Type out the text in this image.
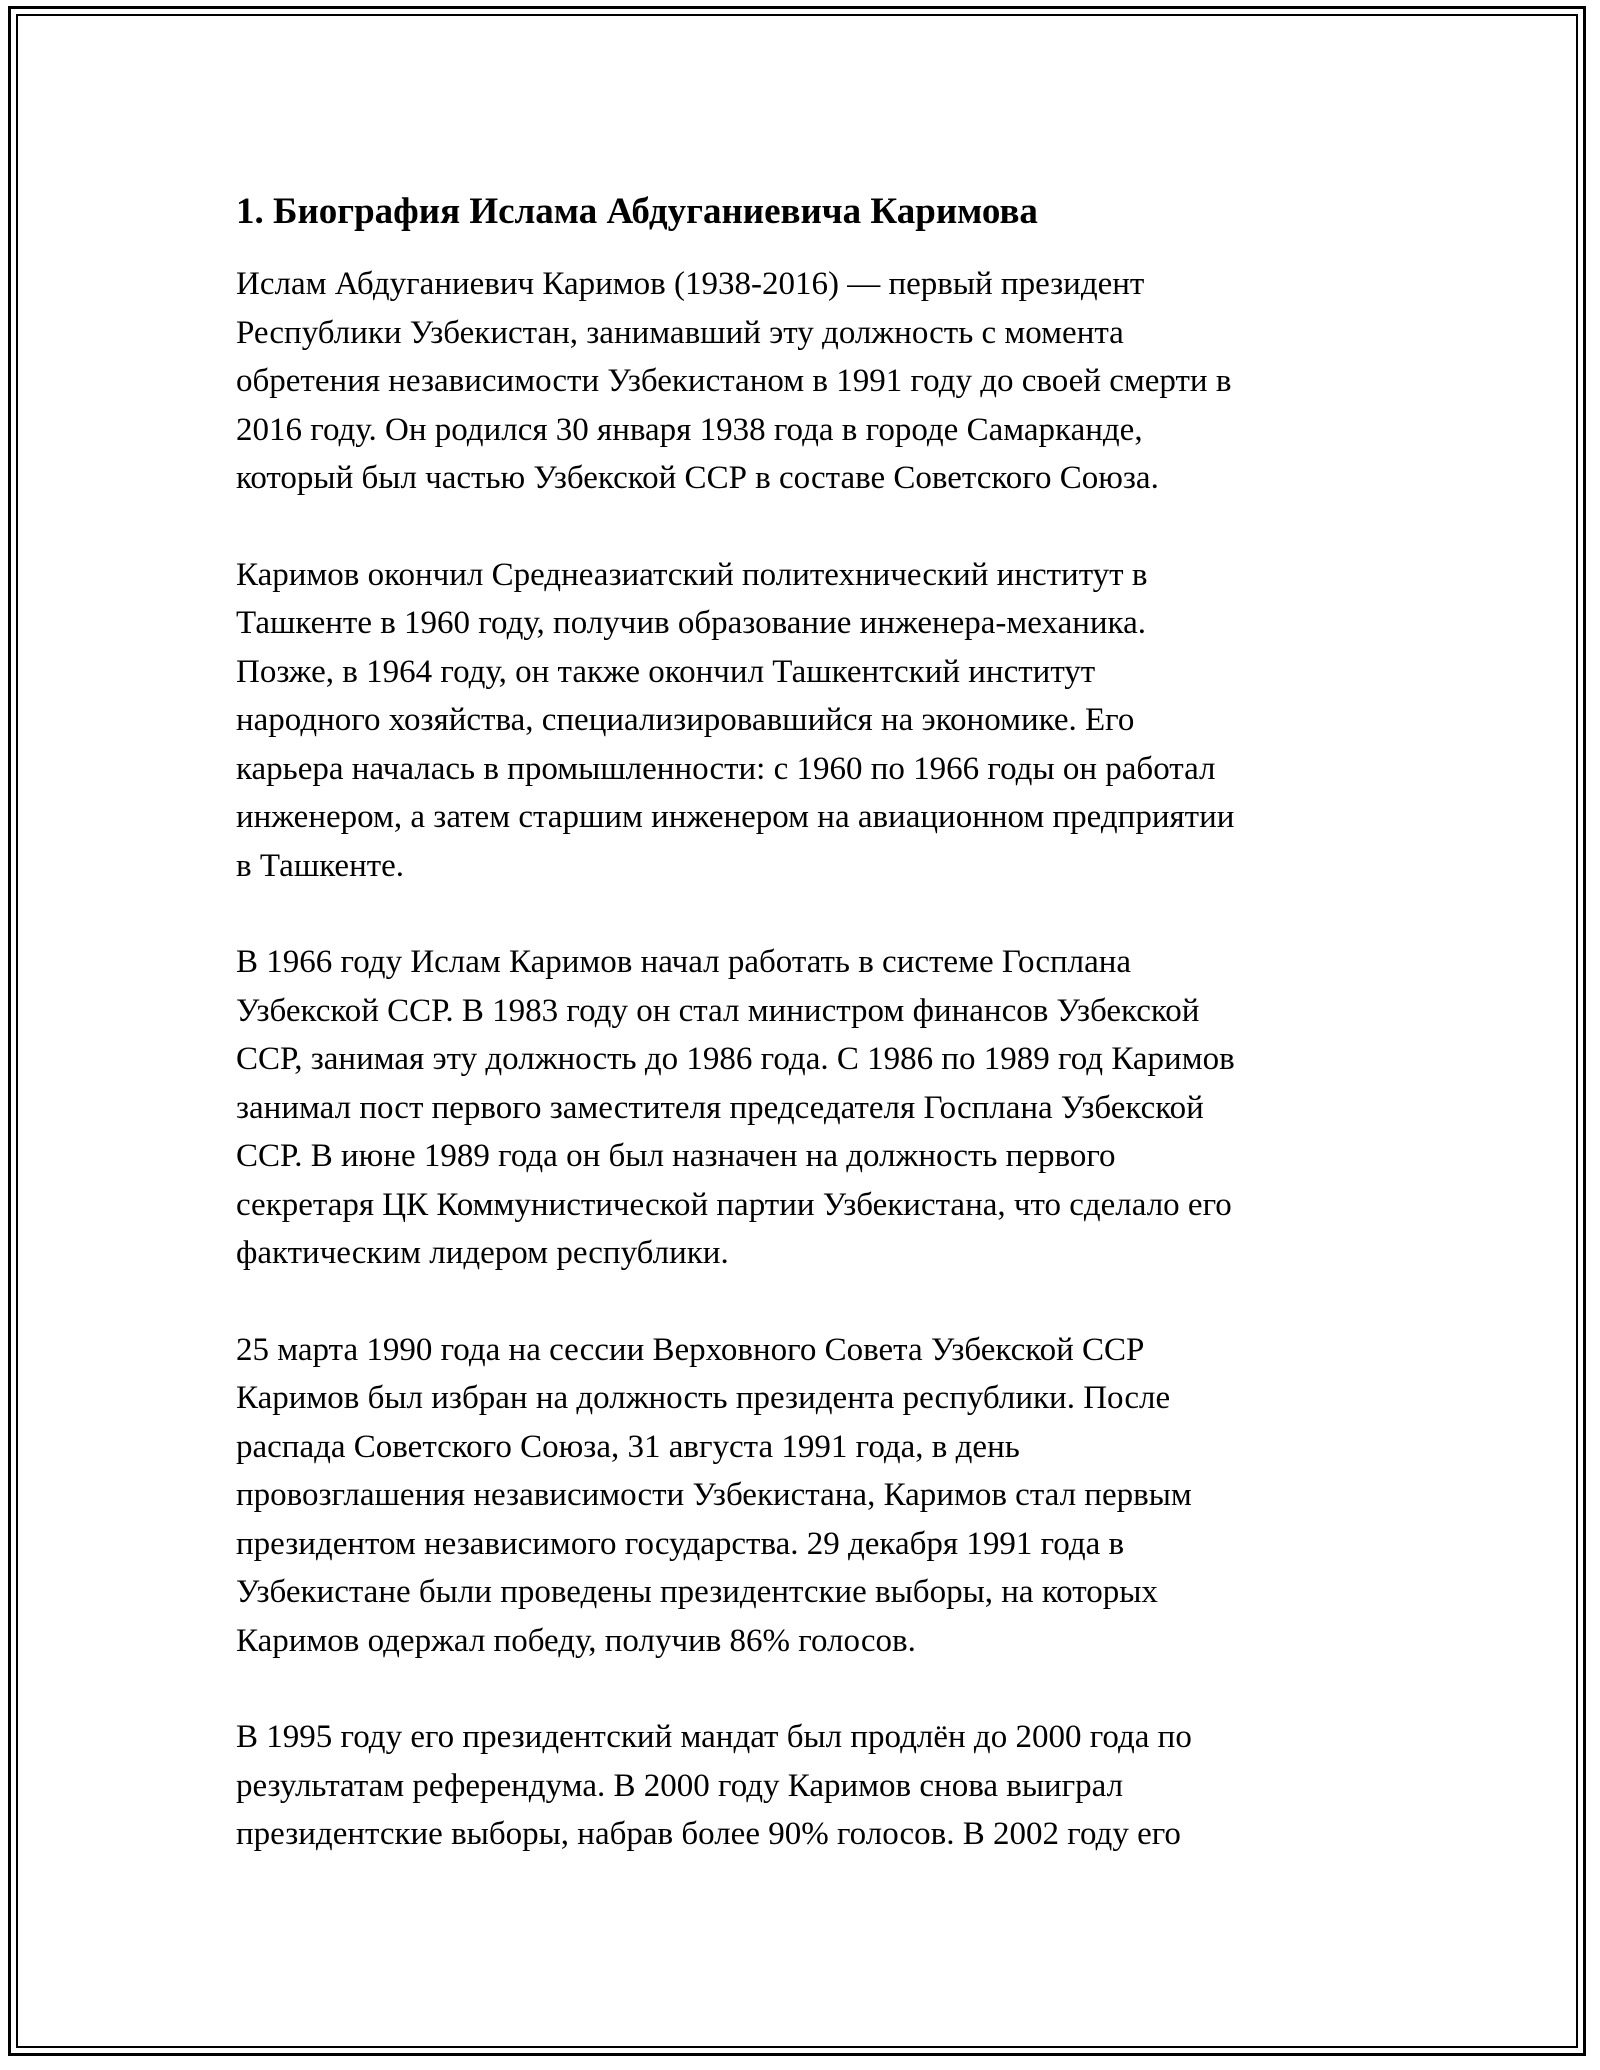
1. Биография Ислама Абдуганиевича Каримова

Ислам Абдуганиевич Каримов (1938-2016) — первый президент
Республики Узбекистан, занимавший эту должность с момента
обретения независимости Узбекистаном в 1991 году до своей смерти в
2016 году. Он родился 30 января 1938 года в городе Самарканде,
который был частью Узбекской ССР в составе Советского Союза.

Каримов окончил Среднеазиатский политехнический институт в
Ташкенте в 1960 году, получив образование инженера-механика.
Позже, в 1964 году, он также окончил Ташкентский институт
народного хозяйства, специализировавшийся на экономике. Его
карьера началась в промышленности: с 1960 по 1966 годы он работал
инженером, а затем старшим инженером на авиационном предприятии
в Ташкенте.

В 1966 году Ислам Каримов начал работать в системе Госплана
Узбекской ССР. В 1983 году он стал министром финансов Узбекской
ССР, занимая эту должность до 1986 года. С 1986 по 1989 год Каримов
занимал пост первого заместителя председателя Госплана Узбекской
ССР. В июне 1989 года он был назначен на должность первого
секретаря ЦК Коммунистической партии Узбекистана, что сделало его
фактическим лидером республики.

25 марта 1990 года на сессии Верховного Совета Узбекской ССР
Каримов был избран на должность президента республики. После
распада Советского Союза, 31 августа 1991 года, в день
провозглашения независимости Узбекистана, Каримов стал первым
президентом независимого государства. 29 декабря 1991 года в
Узбекистане были проведены президентские выборы, на которых
Каримов одержал победу, получив 86% голосов.

В 1995 году его президентский мандат был продлён до 2000 года по
результатам референдума. В 2000 году Каримов снова выиграл
президентские выборы, набрав более 90% голосов. В 2002 году его
